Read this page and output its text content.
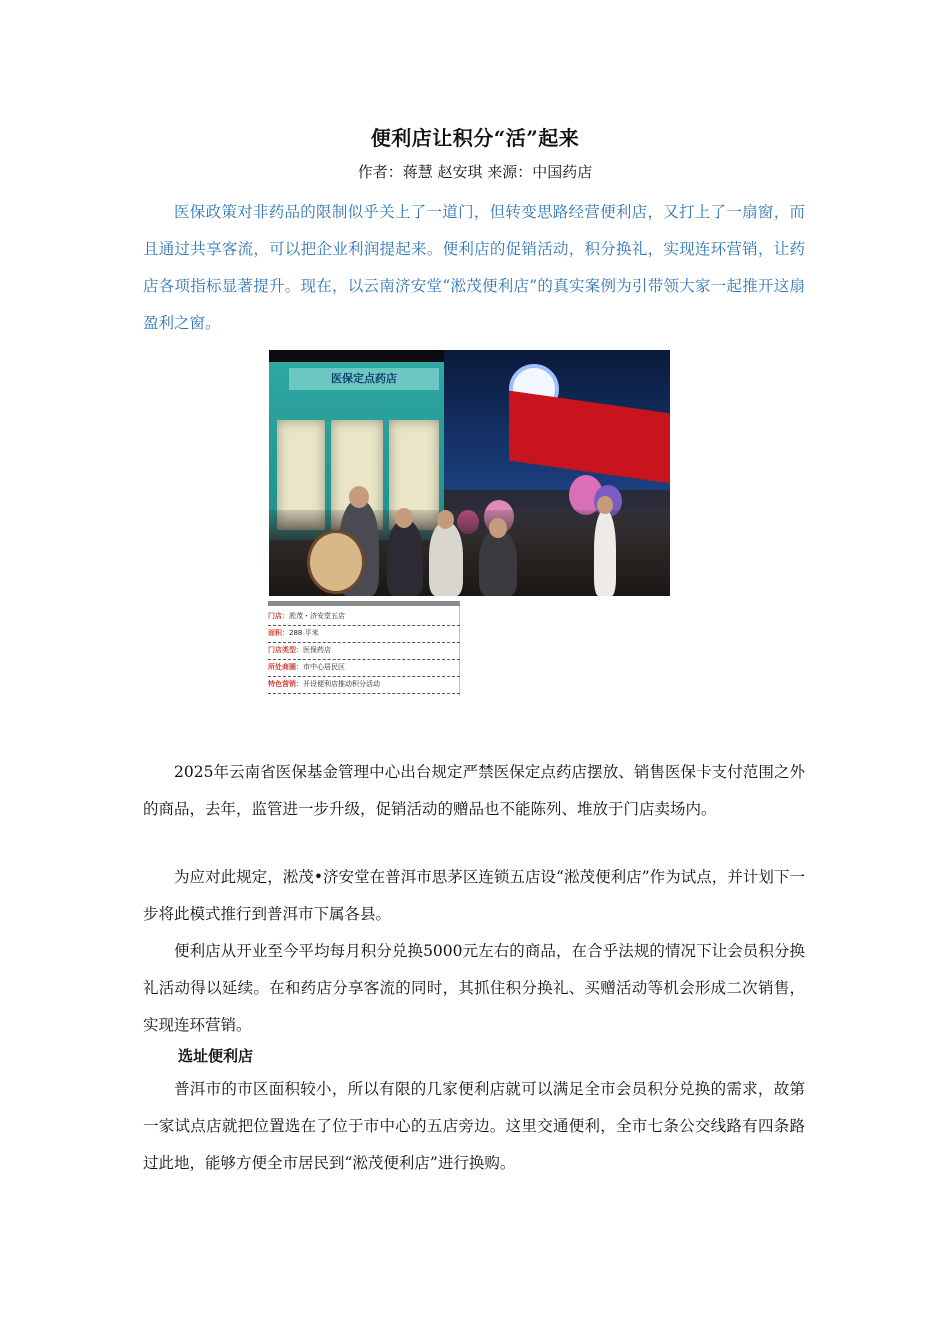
便利店让积分“活”起来
作者：蒋慧 赵安琪 来源：中国药店

医保政策对非药品的限制似乎关上了一道门，但转变思路经营便利店，又打上了一扇窗，而且通过共享客流，可以把企业利润提起来。便利店的促销活动，积分换礼，实现连环营销，让药店各项指标显著提升。现在，以云南济安堂“淞茂便利店”的真实案例为引带领大家一起推开这扇盈利之窗。

医保定点药店
门店：淞茂・济安堂五店
面积：288 平米
门店类型：医保药店
所处商圈：市中心居民区
特色营销：开设便利店推动积分活动

2025年云南省医保基金管理中心出台规定严禁医保定点药店摆放、销售医保卡支付范围之外的商品，去年，监管进一步升级，促销活动的赠品也不能陈列、堆放于门店卖场内。

为应对此规定，淞茂•济安堂在普洱市思茅区连锁五店设“淞茂便利店”作为试点，并计划下一步将此模式推行到普洱市下属各县。

便利店从开业至今平均每月积分兑换5000元左右的商品，在合乎法规的情况下让会员积分换礼活动得以延续。在和药店分享客流的同时，其抓住积分换礼、买赠活动等机会形成二次销售，实现连环营销。

选址便利店

普洱市的市区面积较小，所以有限的几家便利店就可以满足全市会员积分兑换的需求，故第一家试点店就把位置选在了位于市中心的五店旁边。这里交通便利，全市七条公交线路有四条路过此地，能够方便全市居民到“淞茂便利店”进行换购。
